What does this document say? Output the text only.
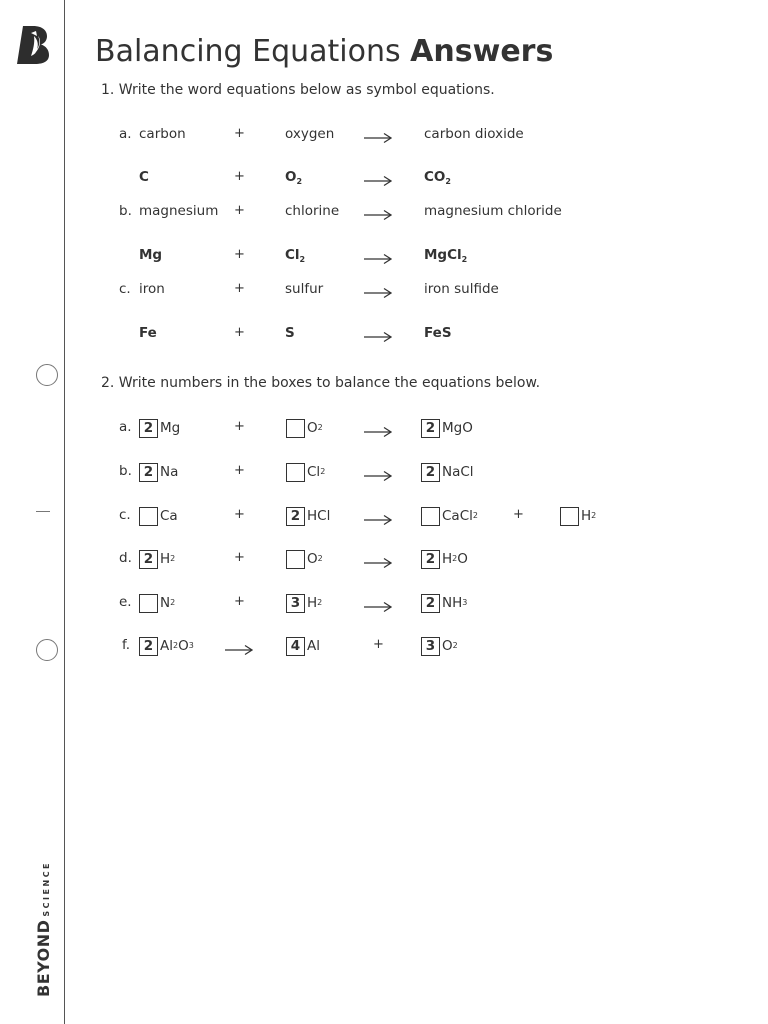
BEYONDSCIENCE
Balancing Equations Answers
1. Write the word equations below as symbol equations.
a. carbon	+	oxygen	carbon dioxide
C	+	$O_2$	$CO_2$
b. magnesium +	chlorine	magnesium chloride
Mg	+	$Cl_2$	MgCl$_2$
c. iron	+	sulfur	iron sulfide
Fe	+	S	FeS
2. Write numbers in the boxes to balance the equations below.
a. 2 Mg	+	O 2	2 MgO
b. 2 Na	+	Cl 2	2 NaCl
c. Ca	+	2 HCl	CaCl 2	+	H 2
d. 2 H 2	+	O 2	2 H 2 O
e. N 2	+	3 H 2	2 NH 3
f.	2 Al 2 O 3	4 Al	+	3 O 2
